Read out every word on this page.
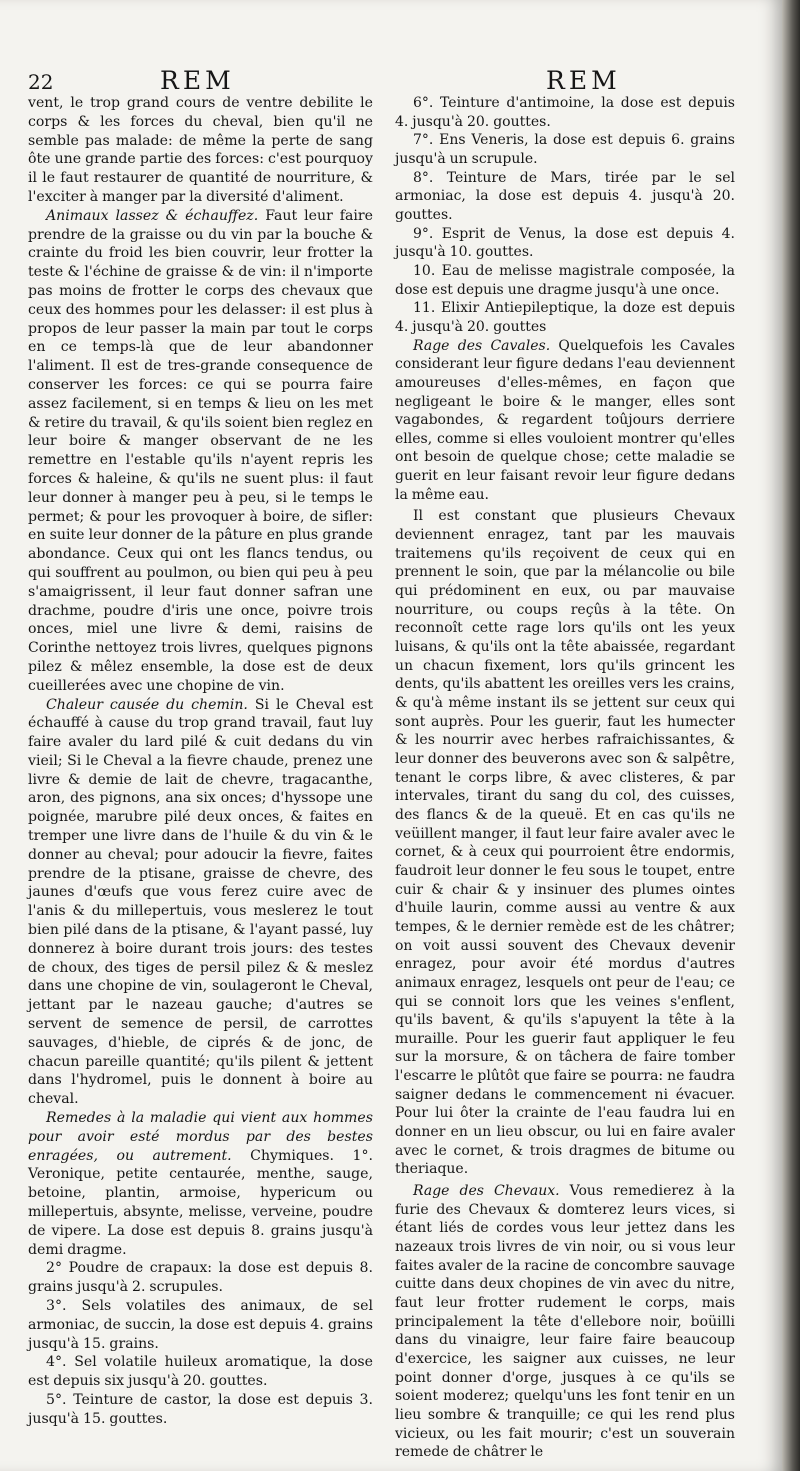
22	REM	REM

vent, le trop grand cours de ventre debilite le corps & les forces du cheval, bien qu'il ne semble pas malade: de même la perte de sang ôte une grande partie des forces: c'est pourquoy il le faut restaurer de quantité de nourriture, & l'exciter à manger par la diversité d'aliment.

Animaux lassez & échauffez. Faut leur faire prendre de la graisse ou du vin par la bouche & crainte du froid les bien couvrir, leur frotter la teste & l'échine de graisse & de vin: il n'importe pas moins de frotter le corps des chevaux que ceux des hommes pour les delasser: il est plus à propos de leur passer la main par tout le corps en ce temps-là que de leur abandonner l'aliment. Il est de tres-grande consequence de conserver les forces: ce qui se pourra faire assez facilement, si en temps & lieu on les met & retire du travail, & qu'ils soient bien reglez en leur boire & manger observant de ne les remettre en l'estable qu'ils n'ayent repris les forces & haleine, & qu'ils ne suent plus: il faut leur donner à manger peu à peu, si le temps le permet; & pour les provoquer à boire, de sifler: en suite leur donner de la pâture en plus grande abondance. Ceux qui ont les flancs tendus, ou qui souffrent au poulmon, ou bien qui peu à peu s'amaigrissent, il leur faut donner safran une drachme, poudre d'iris une once, poivre trois onces, miel une livre & demi, raisins de Corinthe nettoyez trois livres, quelques pignons pilez & mêlez ensemble, la dose est de deux cueillerées avec une chopine de vin.

Chaleur causée du chemin. Si le Cheval est échauffé à cause du trop grand travail, faut luy faire avaler du lard pilé & cuit dedans du vin vieil; Si le Cheval a la fievre chaude, prenez une livre & demie de lait de chevre, tragacanthe, aron, des pignons, ana six onces; d'hyssope une poignée, marubre pilé deux onces, & faites en tremper une livre dans de l'huile & du vin & le donner au cheval; pour adoucir la fievre, faites prendre de la ptisane, graisse de chevre, des jaunes d'œufs que vous ferez cuire avec de l'anis & du millepertuis, vous meslerez le tout bien pilé dans de la ptisane, & l'ayant passé, luy donnerez à boire durant trois jours: des testes de choux, des tiges de persil pilez & & meslez dans une chopine de vin, soulageront le Cheval, jettant par le nazeau gauche; d'autres se servent de semence de persil, de carrottes sauvages, d'hieble, de ciprés & de jonc, de chacun pareille quantité; qu'ils pilent & jettent dans l'hydromel, puis le donnent à boire au cheval.

Remedes à la maladie qui vient aux hommes pour avoir esté mordus par des bestes enragées, ou autrement. Chymiques. 1°. Veronique, petite centaurée, menthe, sauge, betoine, plantin, armoise, hypericum ou millepertuis, absynte, melisse, verveine, poudre de vipere. La dose est depuis 8. grains jusqu'à demi dragme.

2° Poudre de crapaux: la dose est depuis 8. grains jusqu'à 2. scrupules.

3°. Sels volatiles des animaux, de sel armoniac, de succin, la dose est depuis 4. grains jusqu'à 15. grains.

4°. Sel volatile huileux aromatique, la dose est depuis six jusqu'à 20. gouttes.

5°. Teinture de castor, la dose est depuis 3. jusqu'à 15. gouttes.

6°. Teinture d'antimoine, la dose est depuis 4. jusqu'à 20. gouttes.

7°. Ens Veneris, la dose est depuis 6. grains jusqu'à un scrupule.

8°. Teinture de Mars, tirée par le sel armoniac, la dose est depuis 4. jusqu'à 20. gouttes.

9°. Esprit de Venus, la dose est depuis 4. jusqu'à 10. gouttes.

10. Eau de melisse magistrale composée, la dose est depuis une dragme jusqu'à une once.

11. Elixir Antiepileptique, la doze est depuis 4. jusqu'à 20. gouttes

Rage des Cavales. Quelquefois les Cavales considerant leur figure dedans l'eau deviennent amoureuses d'elles-mêmes, en façon que negligeant le boire & le manger, elles sont vagabondes, & regardent toûjours derriere elles, comme si elles vouloient montrer qu'elles ont besoin de quelque chose; cette maladie se guerit en leur faisant revoir leur figure dedans la même eau.

Il est constant que plusieurs Chevaux deviennent enragez, tant par les mauvais traitemens qu'ils reçoivent de ceux qui en prennent le soin, que par la mélancolie ou bile qui prédominent en eux, ou par mauvaise nourriture, ou coups reçûs à la tête. On reconnoît cette rage lors qu'ils ont les yeux luisans, & qu'ils ont la tête abaissée, regardant un chacun fixement, lors qu'ils grincent les dents, qu'ils abattent les oreilles vers les crains, & qu'à même instant ils se jettent sur ceux qui sont auprès. Pour les guerir, faut les humecter & les nourrir avec herbes rafraichissantes, & leur donner des beuverons avec son & salpêtre, tenant le corps libre, & avec clisteres, & par intervales, tirant du sang du col, des cuisses, des flancs & de la queuë. Et en cas qu'ils ne veüillent manger, il faut leur faire avaler avec le cornet, & à ceux qui pourroient être endormis, faudroit leur donner le feu sous le toupet, entre cuir & chair & y insinuer des plumes ointes d'huile laurin, comme aussi au ventre & aux tempes, & le dernier remède est de les châtrer; on voit aussi souvent des Chevaux devenir enragez, pour avoir été mordus d'autres animaux enragez, lesquels ont peur de l'eau; ce qui se connoit lors que les veines s'enflent, qu'ils bavent, & qu'ils s'apuyent la tête à la muraille. Pour les guerir faut appliquer le feu sur la morsure, & on tâchera de faire tomber l'escarre le plûtôt que faire se pourra: ne faudra saigner dedans le commencement ni évacuer. Pour lui ôter la crainte de l'eau faudra lui en donner en un lieu obscur, ou lui en faire avaler avec le cornet, & trois dragmes de bitume ou theriaque.

Rage des Chevaux. Vous remedierez à la furie des Chevaux & domterez leurs vices, si étant liés de cordes vous leur jettez dans les nazeaux trois livres de vin noir, ou si vous leur faites avaler de la racine de concombre sauvage cuitte dans deux chopines de vin avec du nitre, faut leur frotter rudement le corps, mais principalement la tête d'ellebore noir, boüilli dans du vinaigre, leur faire faire beaucoup d'exercice, les saigner aux cuisses, ne leur point donner d'orge, jusques à ce qu'ils se soient moderez; quelqu'uns les font tenir en un lieu sombre & tranquille; ce qui les rend plus vicieux, ou les fait mourir; c'est un souverain remede de châtrer le
